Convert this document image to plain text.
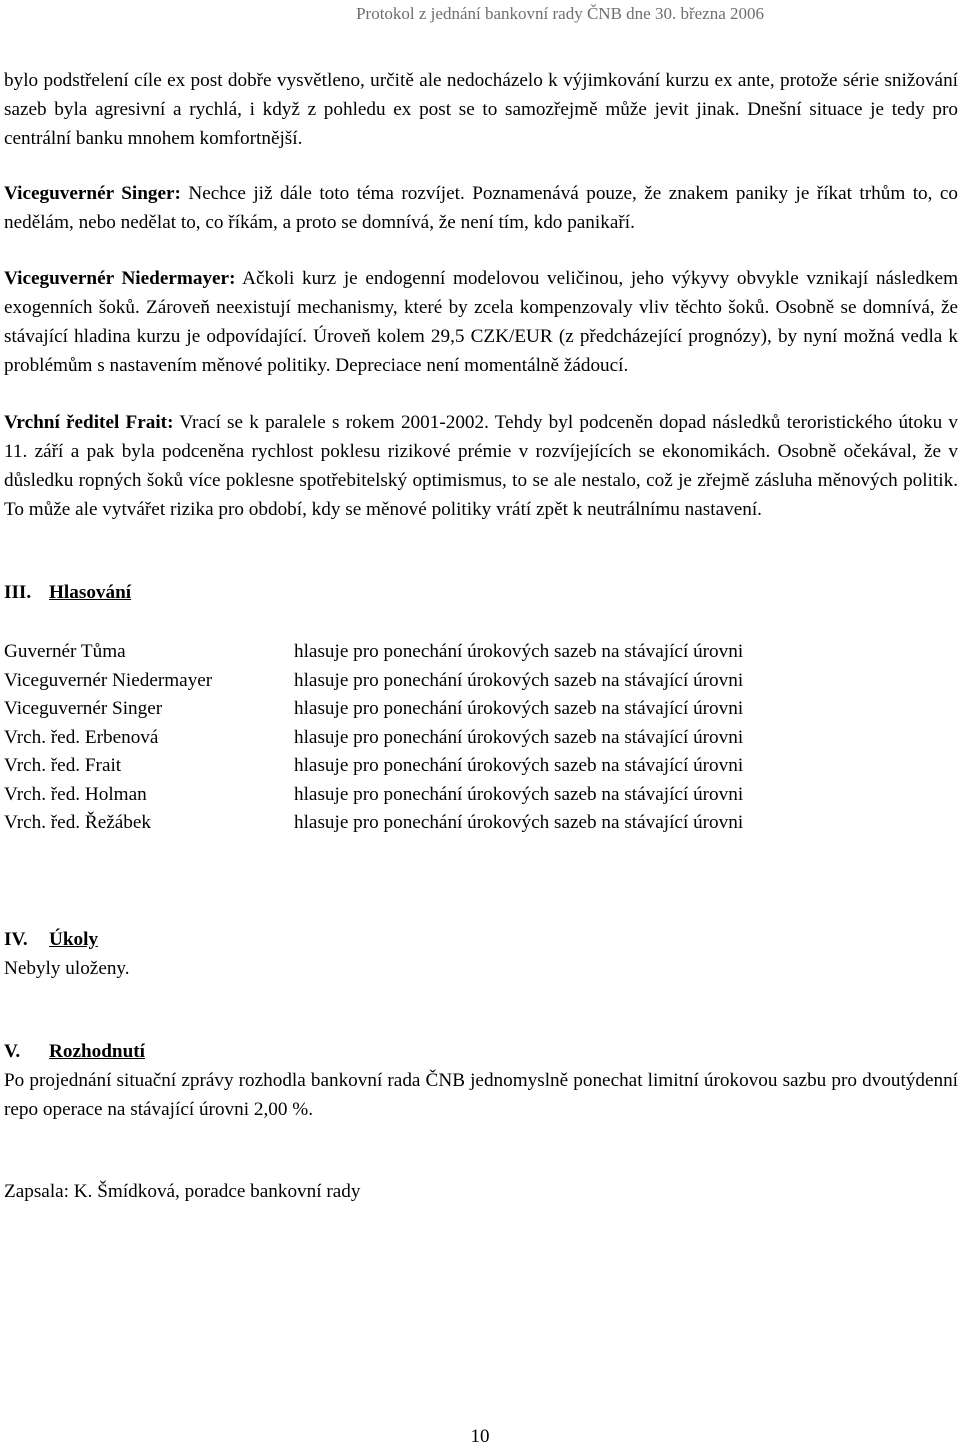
Protokol z jednání bankovní rady ČNB dne 30. března 2006

bylo podstřelení cíle ex post dobře vysvětleno, určitě ale nedocházelo k výjimkování kurzu ex ante, protože série snižování sazeb byla agresivní a rychlá, i když z pohledu ex post se to samozřejmě může jevit jinak. Dnešní situace je tedy pro centrální banku mnohem komfortnější.

Viceguvernér Singer: Nechce již dále toto téma rozvíjet. Poznamenává pouze, že znakem paniky je říkat trhům to, co nedělám, nebo nedělat to, co říkám, a proto se domnívá, že není tím, kdo panikaří.

Viceguvernér Niedermayer: Ačkoli kurz je endogenní modelovou veličinou, jeho výkyvy obvykle vznikají následkem exogenních šoků. Zároveň neexistují mechanismy, které by zcela kompenzovaly vliv těchto šoků. Osobně se domnívá, že stávající hladina kurzu je odpovídající. Úroveň kolem 29,5 CZK/EUR (z předcházející prognózy), by nyní možná vedla k problémům s nastavením měnové politiky. Depreciace není momentálně žádoucí.

Vrchní ředitel Frait: Vrací se k paralele s rokem 2001-2002. Tehdy byl podceněn dopad následků teroristického útoku v 11. září a pak byla podceněna rychlost poklesu rizikové prémie v rozvíjejících se ekonomikách. Osobně očekával, že v důsledku ropných šoků více poklesne spotřebitelský optimismus, to se ale nestalo, což je zřejmě zásluha měnových politik. To může ale vytvářet rizika pro období, kdy se měnové politiky vrátí zpět k neutrálnímu nastavení.

III. Hlasování
Guvernér Tůma	hlasuje pro ponechání úrokových sazeb na stávající úrovni
Viceguvernér Niedermayer	hlasuje pro ponechání úrokových sazeb na stávající úrovni
Viceguvernér Singer	hlasuje pro ponechání úrokových sazeb na stávající úrovni
Vrch. řed. Erbenová	hlasuje pro ponechání úrokových sazeb na stávající úrovni
Vrch. řed. Frait	hlasuje pro ponechání úrokových sazeb na stávající úrovni
Vrch. řed. Holman	hlasuje pro ponechání úrokových sazeb na stávající úrovni
Vrch. řed. Řežábek	hlasuje pro ponechání úrokových sazeb na stávající úrovni
IV. Úkoly

Nebyly uloženy.

V. Rozhodnutí

Po projednání situační zprávy rozhodla bankovní rada ČNB jednomyslně ponechat limitní úrokovou sazbu pro dvoutýdenní repo operace na stávající úrovni 2,00 %.

Zapsala: K. Šmídková, poradce bankovní rady

10
